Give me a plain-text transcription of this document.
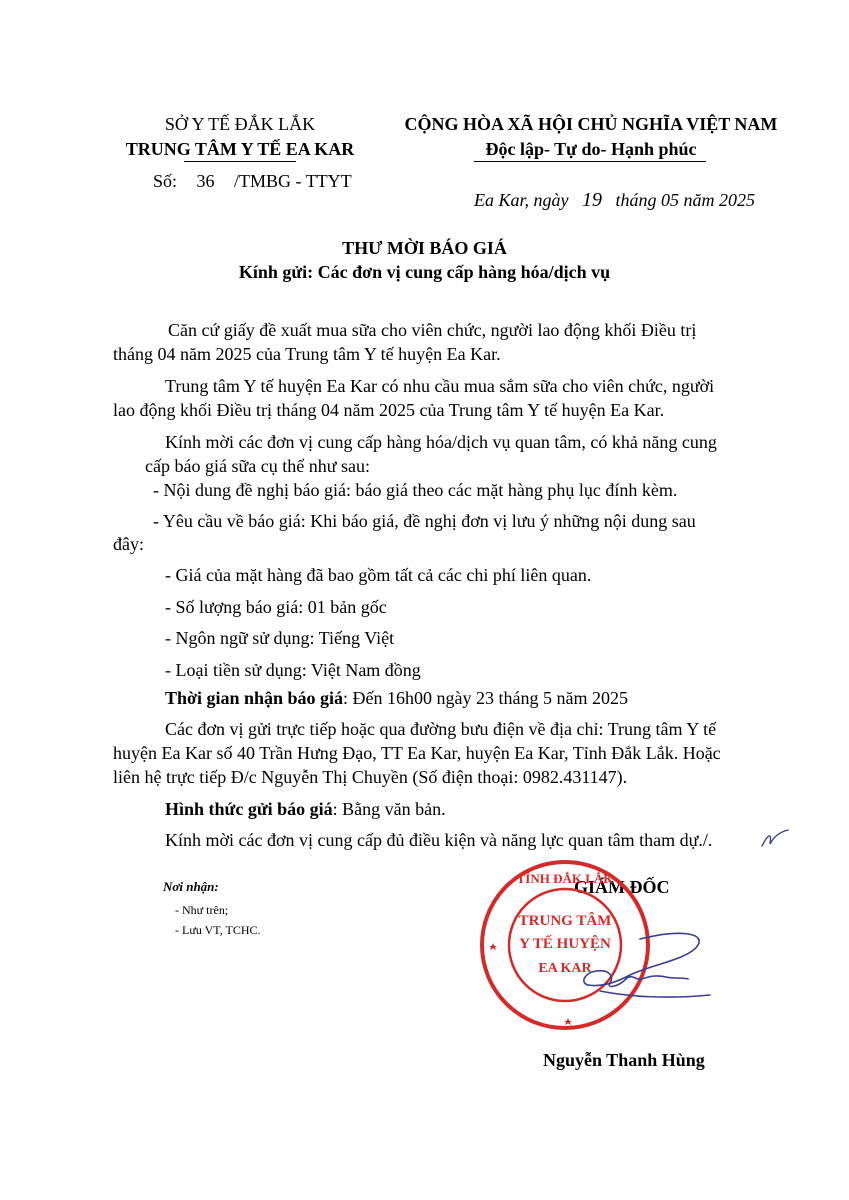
SỞ Y TẾ ĐẮK LẮK
TRUNG TÂM Y TẾ EA KAR
Số: 36 /TMBG - TTYT
CỘNG HÒA XÃ HỘI CHỦ NGHĨA VIỆT NAM
Độc lập- Tự do- Hạnh phúc
Ea Kar, ngày 19 tháng 05 năm 2025
THƯ MỜI BÁO GIÁ
Kính gửi: Các đơn vị cung cấp hàng hóa/dịch vụ
Căn cứ giấy đề xuất mua sữa cho viên chức, người lao động khối Điều trị
tháng 04 năm 2025 của Trung tâm Y tế huyện Ea Kar.
Trung tâm Y tế huyện Ea Kar có nhu cầu mua sắm sữa cho viên chức, người
lao động khối Điều trị tháng 04 năm 2025 của Trung tâm Y tế huyện Ea Kar.
Kính mời các đơn vị cung cấp hàng hóa/dịch vụ quan tâm, có khả năng cung
cấp báo giá sữa cụ thể như sau:
- Nội dung đề nghị báo giá: báo giá theo các mặt hàng phụ lục đính kèm.
- Yêu cầu về báo giá: Khi báo giá, đề nghị đơn vị lưu ý những nội dung sau
đây:
- Giá của mặt hàng đã bao gồm tất cả các chi phí liên quan.
- Số lượng báo giá: 01 bản gốc
- Ngôn ngữ sử dụng: Tiếng Việt
- Loại tiền sử dụng: Việt Nam đồng
Thời gian nhận báo giá: Đến 16h00 ngày 23 tháng 5 năm 2025
Các đơn vị gửi trực tiếp hoặc qua đường bưu điện về địa chỉ: Trung tâm Y tế
huyện Ea Kar số 40 Trần Hưng Đạo, TT Ea Kar, huyện Ea Kar, Tỉnh Đắk Lắk. Hoặc
liên hệ trực tiếp Đ/c Nguyễn Thị Chuyền (Số điện thoại: 0982.431147).
Hình thức gửi báo giá: Bằng văn bản.
Kính mời các đơn vị cung cấp đủ điều kiện và năng lực quan tâm tham dự./.
Nơi nhận:
- Như trên;
- Lưu VT, TCHC.
GIÁM ĐỐC
TỈNH ĐẮK LẮK
TRUNG TÂM
Y TẾ HUYỆN
EA KAR
Nguyễn Thanh Hùng
